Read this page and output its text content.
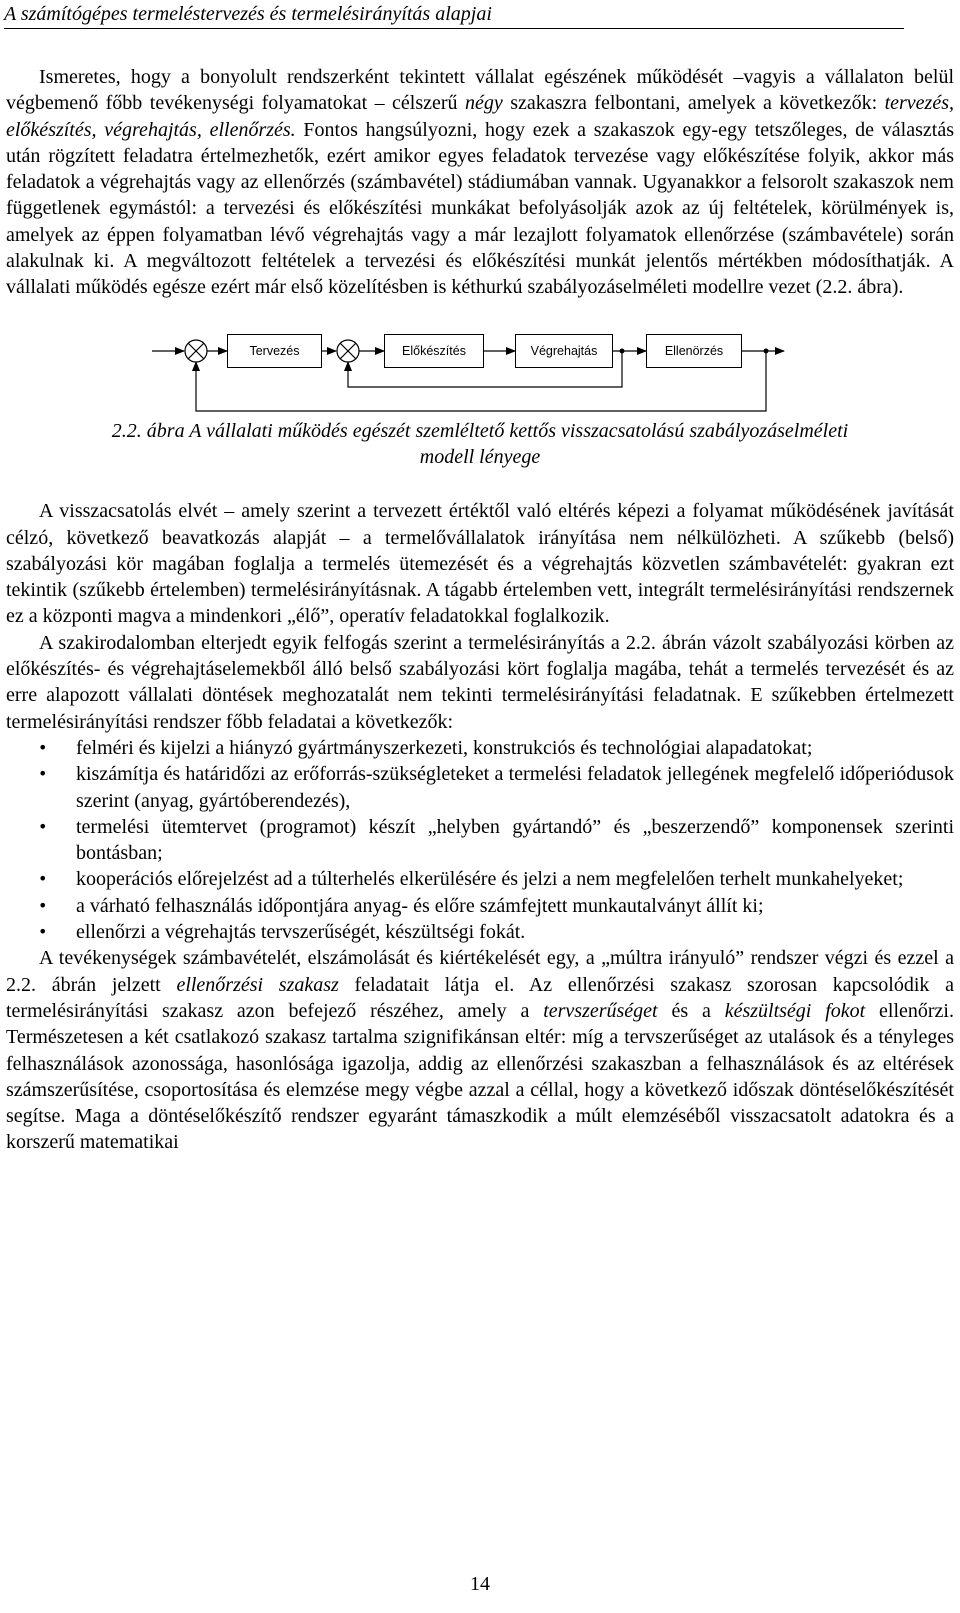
A számítógépes termeléstervezés és termelésirányítás alapjai

Ismeretes, hogy a bonyolult rendszerként tekintett vállalat egészének működését –vagyis a vállalaton belül végbemenő főbb tevékenységi folyamatokat – célszerű négy szakaszra felbontani, amelyek a következők: tervezés, előkészítés, végrehajtás, ellenőrzés. Fontos hangsúlyozni, hogy ezek a szakaszok egy-egy tetszőleges, de választás után rögzített feladatra értelmezhetők, ezért amikor egyes feladatok tervezése vagy előkészítése folyik, akkor más feladatok a végrehajtás vagy az ellenőrzés (számbavétel) stádiumában vannak. Ugyanakkor a felsorolt szakaszok nem függetlenek egymástól: a tervezési és előkészítési munkákat befolyásolják azok az új feltételek, körülmények is, amelyek az éppen folyamatban lévő végrehajtás vagy a már lezajlott folyamatok ellenőrzése (számbavétele) során alakulnak ki. A megváltozott feltételek a tervezési és előkészítési munkát jelentős mértékben módosíthatják. A vállalati működés egésze ezért már első közelítésben is kéthurkú szabályozáselméleti modellre vezet (2.2. ábra).

Tervezés	Előkészítés	Végrehajtás	Ellenörzés
2.2. ábra A vállalati működés egészét szemléltető kettős visszacsatolású szabályozáselméleti
modell lényege

A visszacsatolás elvét – amely szerint a tervezett értéktől való eltérés képezi a folyamat működésének javítását célzó, következő beavatkozás alapját – a termelővállalatok irányítása nem nélkülözheti. A szűkebb (belső) szabályozási kör magában foglalja a termelés ütemezését és a végrehajtás közvetlen számbavételét: gyakran ezt tekintik (szűkebb értelemben) termelésirányításnak. A tágabb értelemben vett, integrált termelésirányítási rendszernek ez a központi magva a mindenkori „élő”, operatív feladatokkal foglalkozik.

A szakirodalomban elterjedt egyik felfogás szerint a termelésirányítás a 2.2. ábrán vázolt szabályozási körben az előkészítés- és végrehajtáselemekből álló belső szabályozási kört foglalja magába, tehát a termelés tervezését és az erre alapozott vállalati döntések meghozatalát nem tekinti termelésirányítási feladatnak. E szűkebben értelmezett termelésirányítási rendszer főbb feladatai a következők:

•	felméri és kijelzi a hiányzó gyártmányszerkezeti, konstrukciós és technológiai alapadatokat;
•	kiszámítja és határidőzi az erőforrás-szükségleteket a termelési feladatok jellegének megfelelő időperiódusok szerint (anyag, gyártóberendezés),
•	termelési ütemtervet (programot) készít „helyben gyártandó” és „beszerzendő” komponensek szerinti bontásban;
•	kooperációs előrejelzést ad a túlterhelés elkerülésére és jelzi a nem megfelelően terhelt munkahelyeket;
•	a várható felhasználás időpontjára anyag- és előre számfejtett munkautalványt állít ki;
•	ellenőrzi a végrehajtás tervszerűségét, készültségi fokát.

A tevékenységek számbavételét, elszámolását és kiértékelését egy, a „múltra irányuló” rendszer végzi és ezzel a 2.2. ábrán jelzett ellenőrzési szakasz feladatait látja el. Az ellenőrzési szakasz szorosan kapcsolódik a termelésirányítási szakasz azon befejező részéhez, amely a tervszerűséget és a készültségi fokot ellenőrzi. Természetesen a két csatlakozó szakasz tartalma szignifikánsan eltér: míg a tervszerűséget az utalások és a tényleges felhasználások azonossága, hasonlósága igazolja, addig az ellenőrzési szakaszban a felhasználások és az eltérések számszerűsítése, csoportosítása és elemzése megy végbe azzal a céllal, hogy a következő időszak döntéselőkészítését segítse. Maga a döntéselőkészítő rendszer egyaránt támaszkodik a múlt elemzéséből visszacsatolt adatokra és a korszerű matematikai

14
